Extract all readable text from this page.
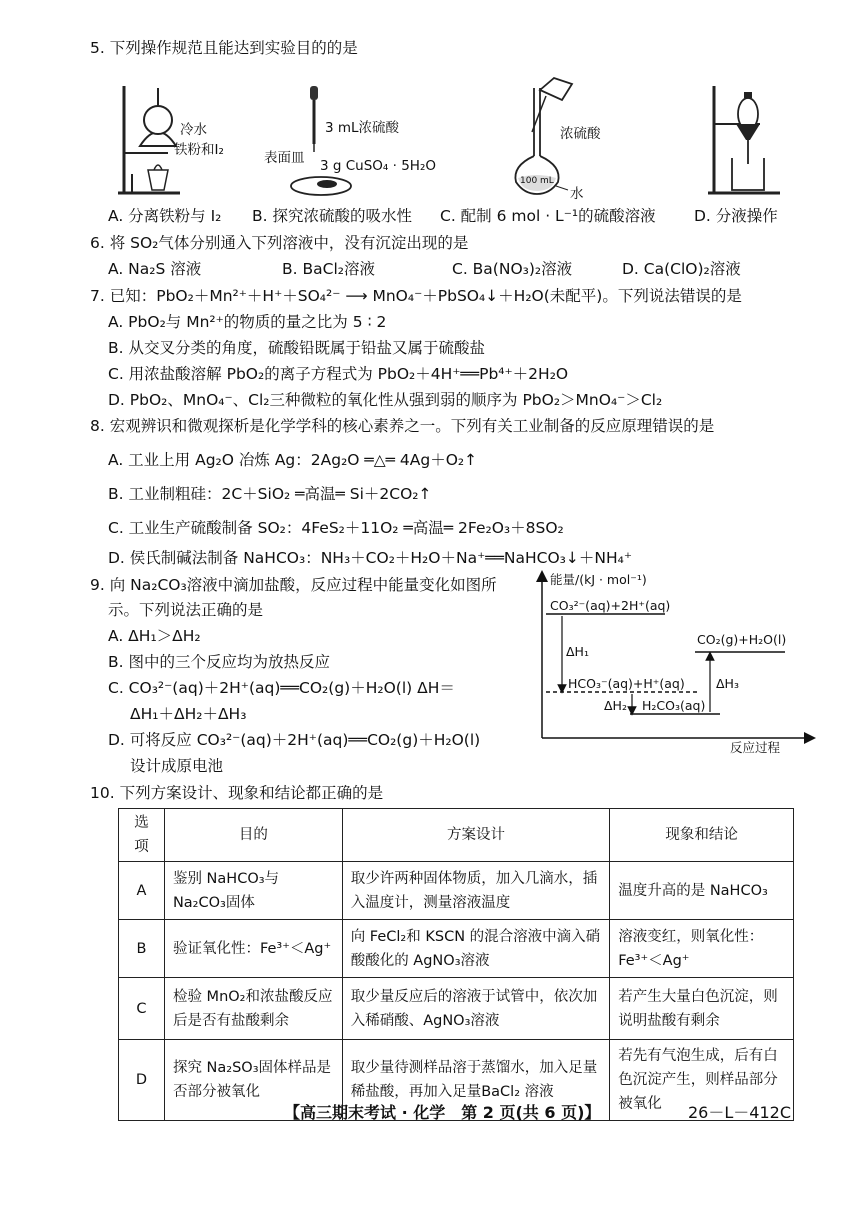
5. 下列操作规范且能达到实验目的的是
冷水
铁粉和I₂
3 mL浓硫酸
表面皿 3 g CuSO₄ · 5H₂O
浓硫酸
100 mL
水
A. 分离铁粉与 I₂ B. 探究浓硫酸的吸水性 C. 配制 6 mol · L⁻¹的硫酸溶液 D. 分液操作
6. 将 SO₂气体分别通入下列溶液中，没有沉淀出现的是
A. Na₂S 溶液	B. BaCl₂溶液	C. Ba(NO₃)₂溶液	D. Ca(ClO)₂溶液
7. 已知：PbO₂＋Mn²⁺＋H⁺＋SO₄²⁻ ⟶ MnO₄⁻＋PbSO₄↓＋H₂O(未配平)。下列说法错误的是
A. PbO₂与 Mn²⁺的物质的量之比为 5 ∶ 2
B. 从交叉分类的角度，硫酸铅既属于铅盐又属于硫酸盐
C. 用浓盐酸溶解 PbO₂的离子方程式为 PbO₂＋4H⁺══Pb⁴⁺＋2H₂O
D. PbO₂、MnO₄⁻、Cl₂三种微粒的氧化性从强到弱的顺序为 PbO₂＞MnO₄⁻＞Cl₂
8. 宏观辨识和微观探析是化学学科的核心素养之一。下列有关工业制备的反应原理错误的是
A. 工业上用 Ag₂O 冶炼 Ag：2Ag₂O ═△═ 4Ag＋O₂↑
B. 工业制粗硅：2C＋SiO₂ ═高温═ Si＋2CO₂↑
C. 工业生产硫酸制备 SO₂：4FeS₂＋11O₂ ═高温═ 2Fe₂O₃＋8SO₂
D. 侯氏制碱法制备 NaHCO₃：NH₃＋CO₂＋H₂O＋Na⁺══NaHCO₃↓＋NH₄⁺
9. 向 Na₂CO₃溶液中滴加盐酸，反应过程中能量变化如图所
示。下列说法正确的是
A. ΔH₁＞ΔH₂
B. 图中的三个反应均为放热反应
C. CO₃²⁻(aq)＋2H⁺(aq)══CO₂(g)＋H₂O(l) ΔH＝
ΔH₁＋ΔH₂＋ΔH₃
D. 可将反应 CO₃²⁻(aq)＋2H⁺(aq)══CO₂(g)＋H₂O(l)
设计成原电池
能量/(kJ · mol⁻¹)
CO₃²⁻(aq)+2H⁺(aq)
ΔH₁
CO₂(g)+H₂O(l)
HCO₃⁻(aq)+H⁺(aq)	ΔH₃
ΔH₂ H₂CO₃(aq)
反应过程
10. 下列方案设计、现象和结论都正确的是
选项	目的	方案设计	现象和结论
A	鉴别 NaHCO₃与 Na₂CO₃固体	取少许两种固体物质，加入几滴水，插入温度计，测量溶液温度	温度升高的是 NaHCO₃
B	验证氧化性：Fe³⁺＜Ag⁺	向 FeCl₂和 KSCN 的混合溶液中滴入硝酸酸化的 AgNO₃溶液	溶液变红，则氧化性：Fe³⁺＜Ag⁺
C	检验 MnO₂和浓盐酸反应后是否有盐酸剩余	取少量反应后的溶液于试管中，依次加入稀硝酸、AgNO₃溶液	若产生大量白色沉淀，则说明盐酸有剩余
D	探究 Na₂SO₃固体样品是否部分被氧化	取少量待测样品溶于蒸馏水，加入足量稀盐酸，再加入足量BaCl₂ 溶液	若先有气泡生成，后有白色沉淀产生，则样品部分被氧化
【高三期末考试 · 化学　第 2 页(共 6 页)】	26－L－412C
